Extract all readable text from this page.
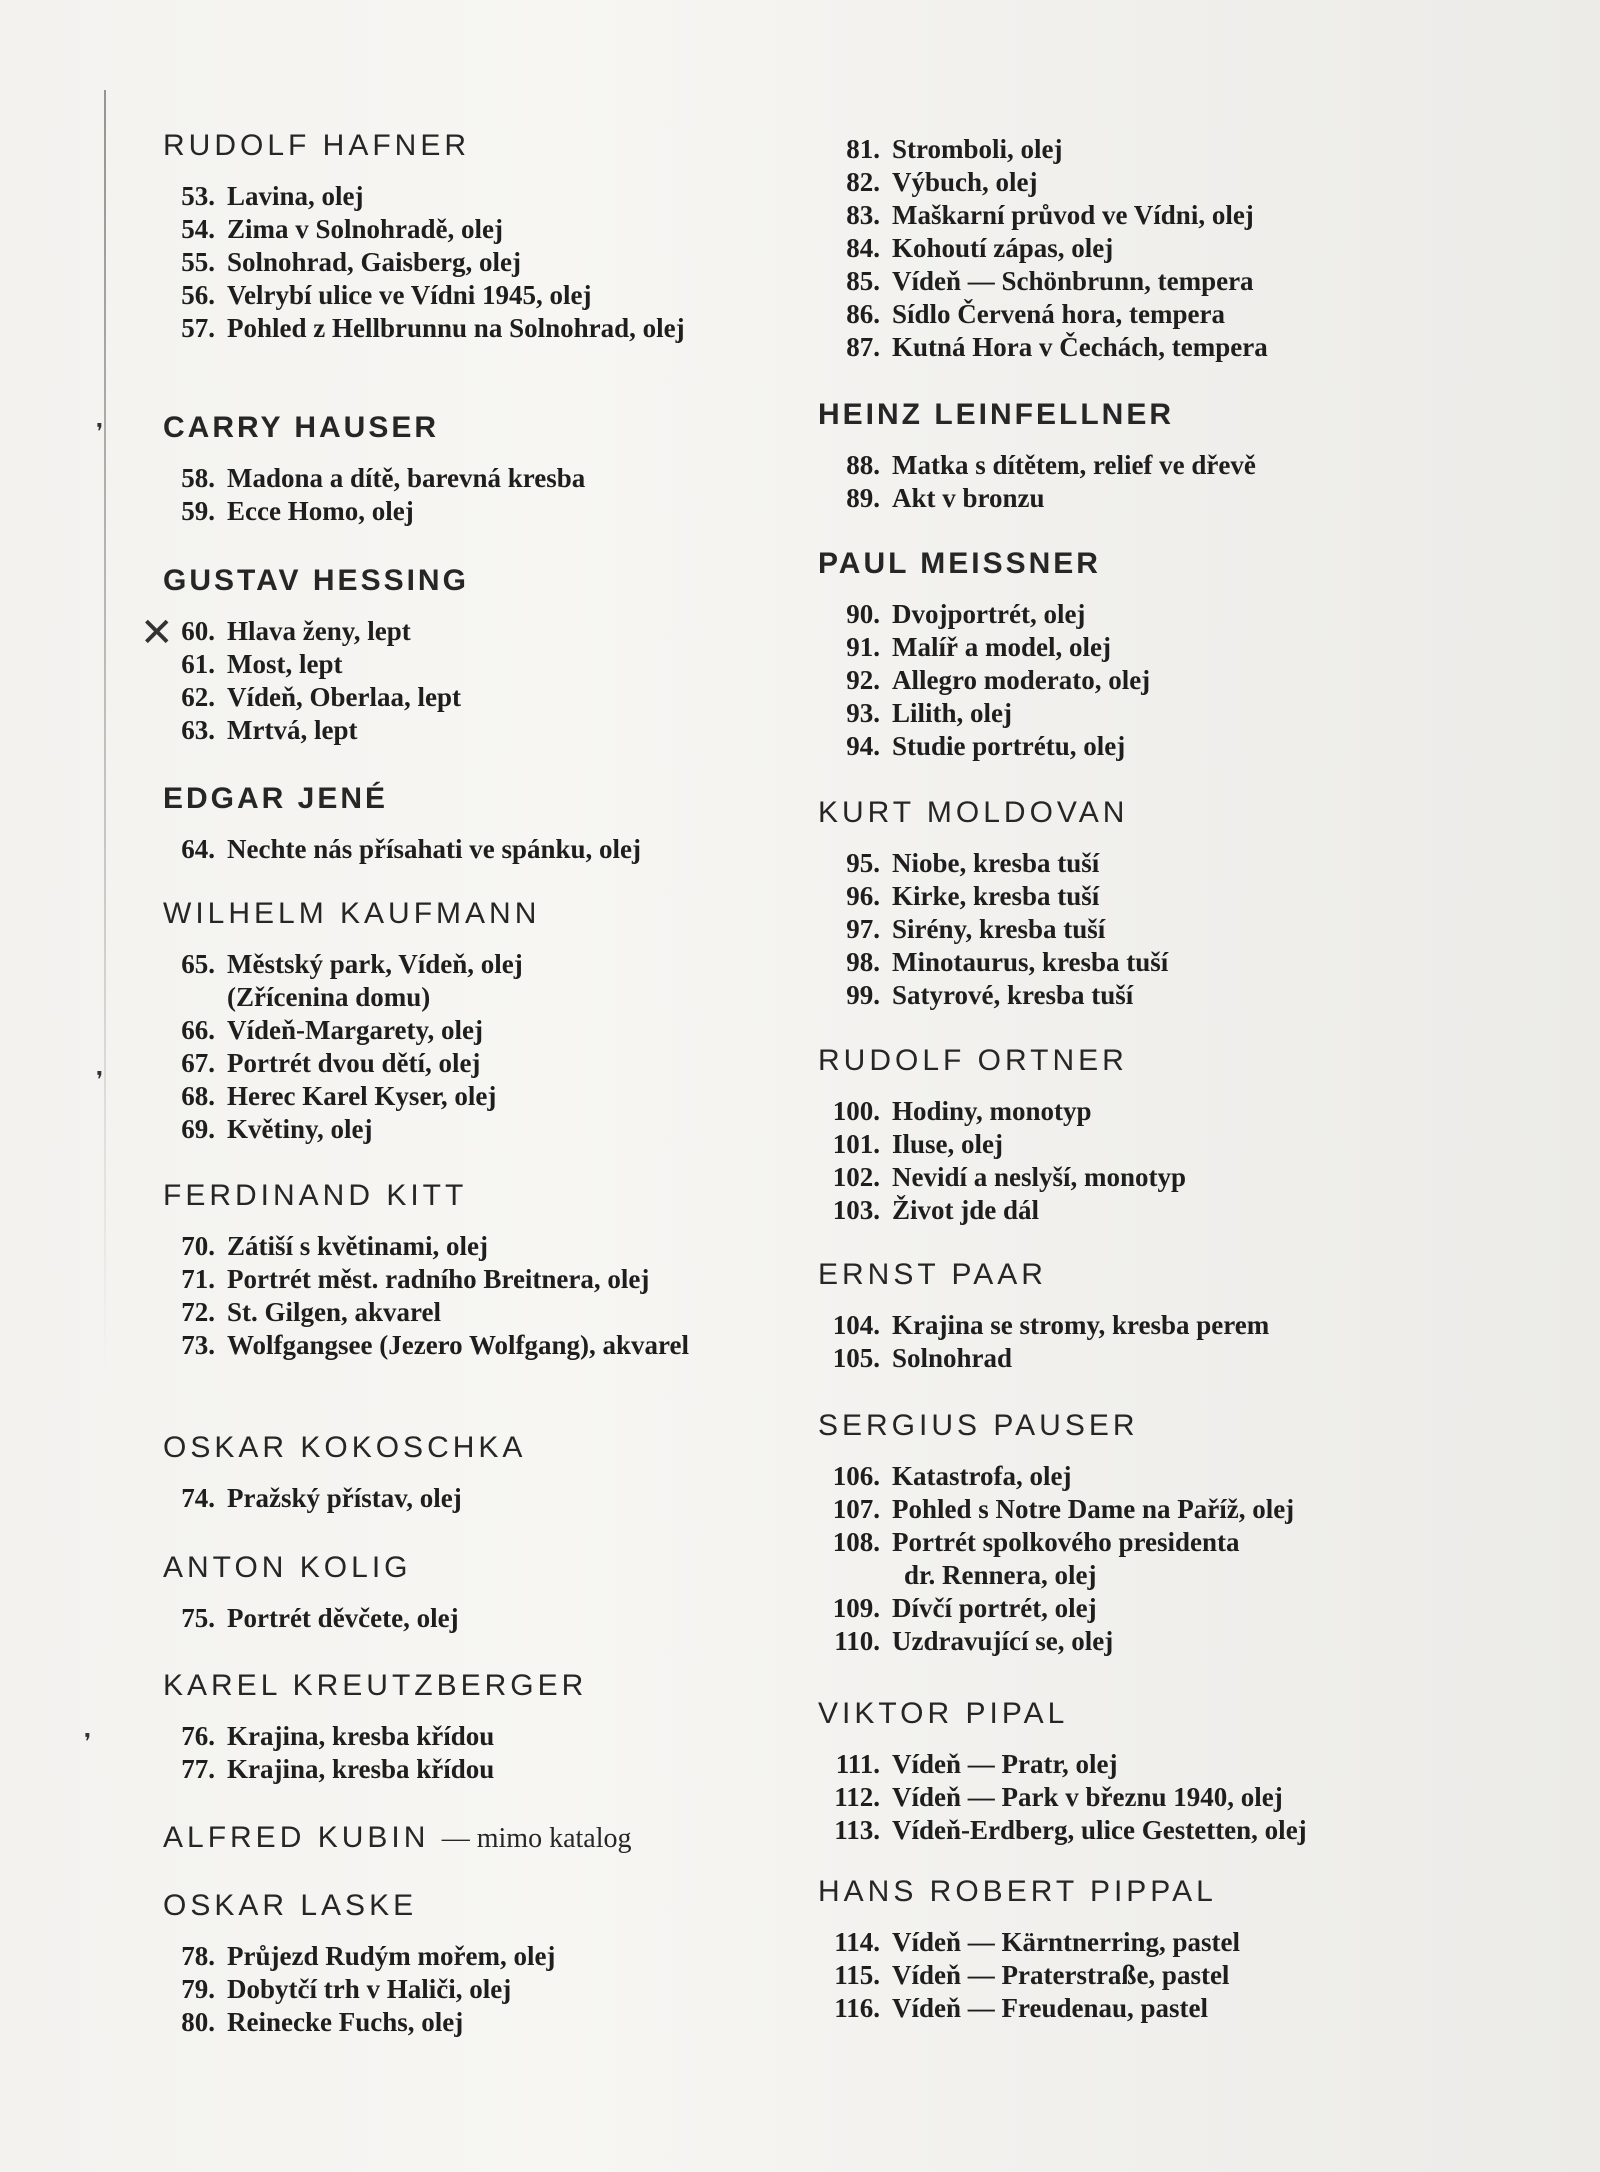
✕
❜
❜
❜
RUDOLF HAFNER
53. Lavina, olej
54. Zima v Solnohradě, olej
55. Solnohrad, Gaisberg, olej
56. Velrybí ulice ve Vídni 1945, olej
57. Pohled z Hellbrunnu na Solnohrad, olej
CARRY HAUSER
58. Madona a dítě, barevná kresba
59. Ecce Homo, olej
GUSTAV HESSING
60. Hlava ženy, lept
61. Most, lept
62. Vídeň, Oberlaa, lept
63. Mrtvá, lept
EDGAR JENÉ
64. Nechte nás přísahati ve spánku, olej
WILHELM KAUFMANN
65. Městský park, Vídeň, olej
(Zřícenina domu)
66. Vídeň-Margarety, olej
67. Portrét dvou dětí, olej
68. Herec Karel Kyser, olej
69. Květiny, olej
FERDINAND KITT
70. Zátiší s květinami, olej
71. Portrét měst. radního Breitnera, olej
72. St. Gilgen, akvarel
73. Wolfgangsee (Jezero Wolfgang), akvarel
OSKAR KOKOSCHKA
74. Pražský přístav, olej
ANTON KOLIG
75. Portrét děvčete, olej
KAREL KREUTZBERGER
76. Krajina, kresba křídou
77. Krajina, kresba křídou
ALFRED KUBIN — mimo katalog
OSKAR LASKE
78. Průjezd Rudým mořem, olej
79. Dobytčí trh v Haliči, olej
80. Reinecke Fuchs, olej
81. Stromboli, olej
82. Výbuch, olej
83. Maškarní průvod ve Vídni, olej
84. Kohoutí zápas, olej
85. Vídeň — Schönbrunn, tempera
86. Sídlo Červená hora, tempera
87. Kutná Hora v Čechách, tempera
HEINZ LEINFELLNER
88. Matka s dítětem, relief ve dřevě
89. Akt v bronzu
PAUL MEISSNER
90. Dvojportrét, olej
91. Malíř a model, olej
92. Allegro moderato, olej
93. Lilith, olej
94. Studie portrétu, olej
KURT MOLDOVAN
95. Niobe, kresba tuší
96. Kirke, kresba tuší
97. Sirény, kresba tuší
98. Minotaurus, kresba tuší
99. Satyrové, kresba tuší
RUDOLF ORTNER
100. Hodiny, monotyp
101. Iluse, olej
102. Nevidí a neslyší, monotyp
103. Život jde dál
ERNST PAAR
104. Krajina se stromy, kresba perem
105. Solnohrad
SERGIUS PAUSER
106. Katastrofa, olej
107. Pohled s Notre Dame na Paříž, olej
108. Portrét spolkového presidenta
dr. Rennera, olej
109. Dívčí portrét, olej
110. Uzdravující se, olej
VIKTOR PIPAL
111. Vídeň — Pratr, olej
112. Vídeň — Park v březnu 1940, olej
113. Vídeň-Erdberg, ulice Gestetten, olej
HANS ROBERT PIPPAL
114. Vídeň — Kärntnerring, pastel
115. Vídeň — Praterstraße, pastel
116. Vídeň — Freudenau, pastel
